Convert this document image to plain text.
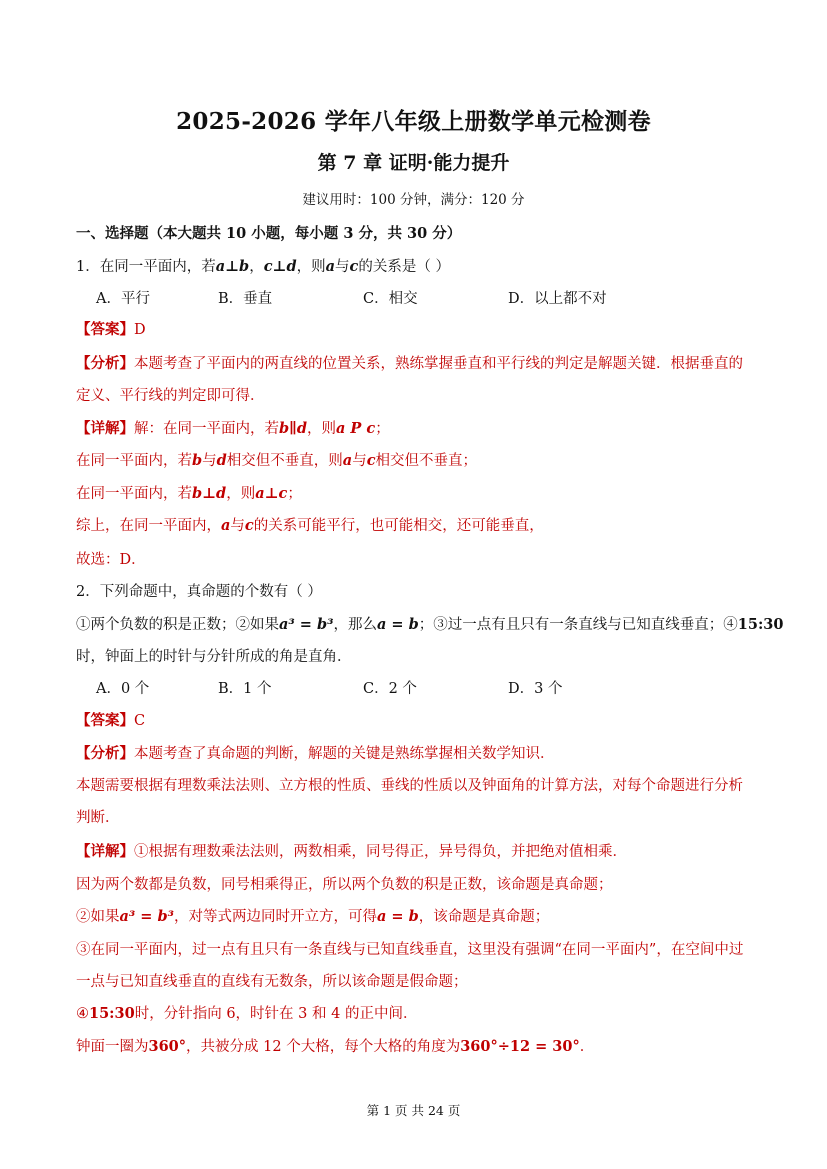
2025-2026 学年八年级上册数学单元检测卷
第 7 章 证明·能力提升
建议用时：100 分钟，满分：120 分
一、选择题（本大题共 10 小题，每小题 3 分，共 30 分）
1．在同一平面内，若a⊥b，c⊥d，则a与c的关系是（ ）
A．平行	B．垂直	C．相交	D．以上都不对
【答案】D
【分析】本题考查了平面内的两直线的位置关系，熟练掌握垂直和平行线的判定是解题关键．根据垂直的
定义、平行线的判定即可得．
【详解】解：在同一平面内，若b∥d，则a P c；
在同一平面内，若b与d相交但不垂直，则a与c相交但不垂直；
在同一平面内，若b⊥d，则a⊥c；
综上，在同一平面内，a与c的关系可能平行，也可能相交，还可能垂直，
故选：D．
2．下列命题中，真命题的个数有（ ）
①两个负数的积是正数；②如果a³ = b³，那么a = b；③过一点有且只有一条直线与已知直线垂直；④15:30
时，钟面上的时针与分针所成的角是直角．
A．0 个	B．1 个	C．2 个	D．3 个
【答案】C
【分析】本题考查了真命题的判断，解题的关键是熟练掌握相关数学知识．
本题需要根据有理数乘法法则、立方根的性质、垂线的性质以及钟面角的计算方法，对每个命题进行分析
判断．
【详解】①根据有理数乘法法则，两数相乘，同号得正，异号得负，并把绝对值相乘．
因为两个数都是负数，同号相乘得正，所以两个负数的积是正数，该命题是真命题；
②如果a³ = b³，对等式两边同时开立方，可得a = b，该命题是真命题；
③在同一平面内，过一点有且只有一条直线与已知直线垂直，这里没有强调“在同一平面内”，在空间中过
一点与已知直线垂直的直线有无数条，所以该命题是假命题；
④15:30时，分针指向 6，时针在 3 和 4 的正中间．
钟面一圈为360°，共被分成 12 个大格，每个大格的角度为360°÷12 = 30°．
第 1 页 共 24 页
